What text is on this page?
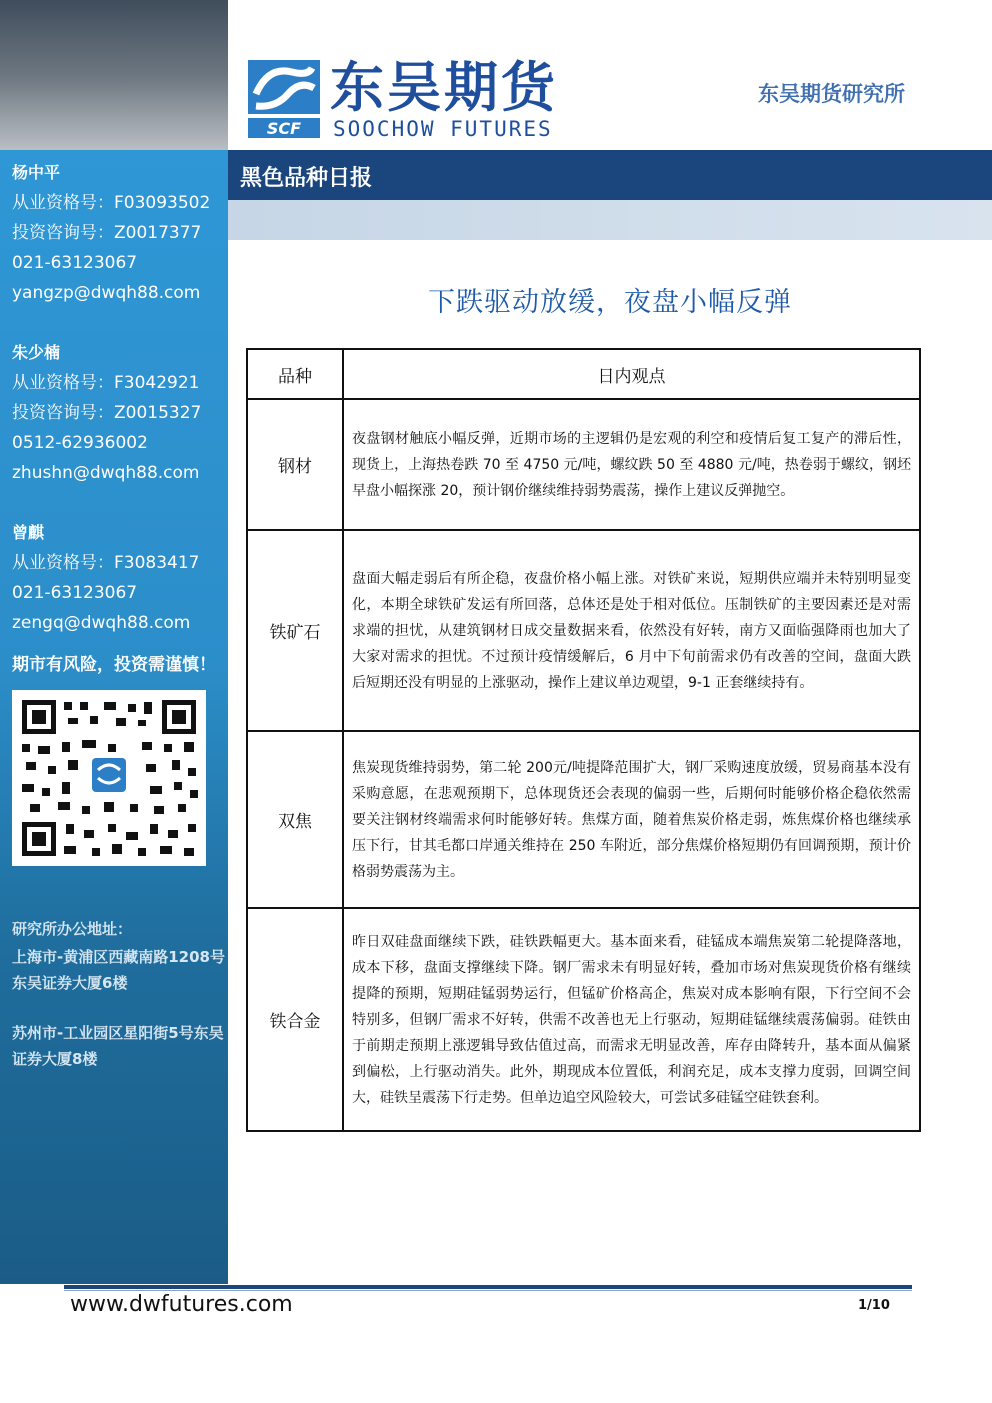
杨中平
从业资格号：F03093502
投资咨询号：Z0017377
021-63123067
yangzp@dwqh88.com
朱少楠
从业资格号：F3042921
投资咨询号：Z0015327
0512-62936002
zhushn@dwqh88.com
曾麒
从业资格号：F3083417
021-63123067
zengq@dwqh88.com
期市有风险，投资需谨慎！
研究所办公地址：
上海市-黄浦区西藏南路1208号东吴证券大厦6楼
苏州市-工业园区星阳街5号东吴证券大厦8楼
SCF
东吴期货
SOOCHOW FUTURES
东吴期货研究所
黑色品种日报
下跌驱动放缓，夜盘小幅反弹
品种	日内观点
钢材	夜盘钢材触底小幅反弹，近期市场的主逻辑仍是宏观的利空和疫情后复工复产的滞后性，现货上，上海热卷跌 70 至 4750 元/吨，螺纹跌 50 至 4880 元/吨，热卷弱于螺纹，钢坯早盘小幅探涨 20，预计钢价继续维持弱势震荡，操作上建议反弹抛空。
铁矿石	盘面大幅走弱后有所企稳，夜盘价格小幅上涨。对铁矿来说，短期供应端并未特别明显变化，本期全球铁矿发运有所回落，总体还是处于相对低位。压制铁矿的主要因素还是对需求端的担忧，从建筑钢材日成交量数据来看，依然没有好转，南方又面临强降雨也加大了大家对需求的担忧。不过预计疫情缓解后，6 月中下旬前需求仍有改善的空间，盘面大跌后短期还没有明显的上涨驱动，操作上建议单边观望，9-1 正套继续持有。
双焦	焦炭现货维持弱势，第二轮 200元/吨提降范围扩大，钢厂采购速度放缓，贸易商基本没有采购意愿，在悲观预期下，总体现货还会表现的偏弱一些，后期何时能够价格企稳依然需要关注钢材终端需求何时能够好转。焦煤方面，随着焦炭价格走弱，炼焦煤价格也继续承压下行，甘其毛都口岸通关维持在 250 车附近，部分焦煤价格短期仍有回调预期，预计价格弱势震荡为主。
铁合金	昨日双硅盘面继续下跌，硅铁跌幅更大。基本面来看，硅锰成本端焦炭第二轮提降落地，成本下移，盘面支撑继续下降。钢厂需求未有明显好转，叠加市场对焦炭现货价格有继续提降的预期，短期硅锰弱势运行，但锰矿价格高企，焦炭对成本影响有限，下行空间不会特别多，但钢厂需求不好转，供需不改善也无上行驱动，短期硅锰继续震荡偏弱。硅铁由于前期走预期上涨逻辑导致估值过高，而需求无明显改善，库存由降转升，基本面从偏紧到偏松，上行驱动消失。此外，期现成本位置低，利润充足，成本支撑力度弱，回调空间大，硅铁呈震荡下行走势。但单边追空风险较大，可尝试多硅锰空硅铁套利。
www.dwfutures.com	1/10
